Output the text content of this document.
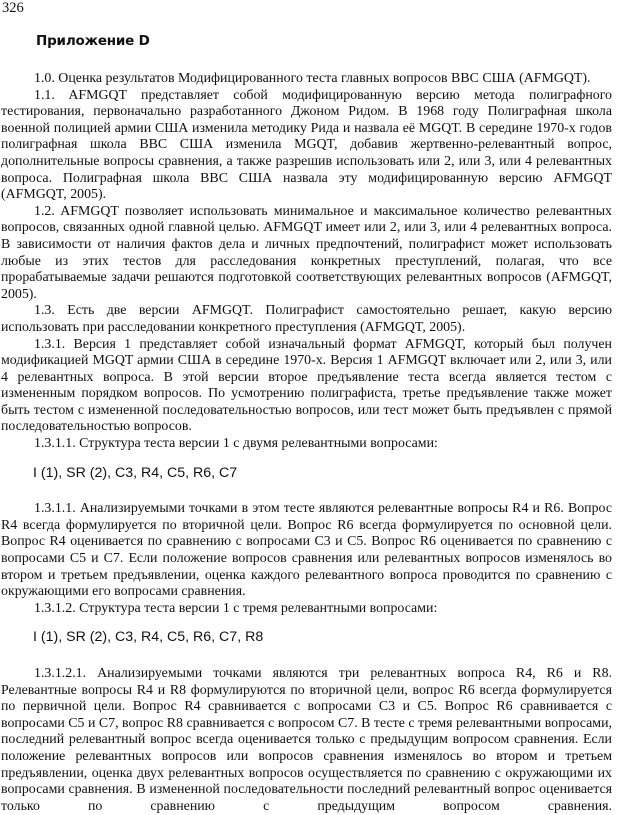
326
Приложение D

1.0. Оценка результатов Модифицированного теста главных вопросов ВВС США (AFMGQT).

1.1. AFMGQT представляет собой модифицированную версию метода полиграфного тестирования, первоначально разработанного Джоном Ридом. В 1968 году Полиграфная школа военной полицией армии США изменила методику Рида и назвала её MGQT. В середине 1970-х годов полиграфная школа ВВС США изменила MGQT, добавив жертвенно-релевантный вопрос, дополнительные вопросы сравнения, а также разрешив использовать или 2, или 3, или 4 релевантных вопроса. Полиграфная школа ВВС США назвала эту модифицированную версию AFMGQT (AFMGQT, 2005).

1.2. AFMGQT позволяет использовать минимальное и максимальное количество релевантных вопросов, связанных одной главной целью. AFMGQT имеет или 2, или 3, или 4 релевантных вопроса. В зависимости от наличия фактов дела и личных предпочтений, полиграфист может использовать любые из этих тестов для расследования конкретных преступлений, полагая, что все прорабатываемые задачи решаются подготовкой соответствующих релевантных вопросов (AFMGQT, 2005).

1.3. Есть две версии AFMGQT. Полиграфист самостоятельно решает, какую версию использовать при расследовании конкретного преступления (AFMGQT, 2005).

1.3.1. Версия 1 представляет собой изначальный формат AFMGQT, который был получен модификацией MGQT армии США в середине 1970-х. Версия 1 AFMGQT включает или 2, или 3, или 4 релевантных вопроса. В этой версии второе предъявление теста всегда является тестом с измененным порядком вопросов. По усмотрению полиграфиста, третье предъявление также может быть тестом с измененной последовательностью вопросов, или тест может быть предъявлен с прямой последовательностью вопросов.

1.3.1.1. Структура теста версии 1 с двумя релевантными вопросами:

I (1), SR (2), C3, R4, C5, R6, C7

1.3.1.1. Анализируемыми точками в этом тесте являются релевантные вопросы R4 и R6. Вопрос R4 всегда формулируется по вторичной цели. Вопрос R6 всегда формулируется по основной цели. Вопрос R4 оценивается по сравнению с вопросами C3 и C5. Вопрос R6 оценивается по сравнению с вопросами C5 и C7. Если положение вопросов сравнения или релевантных вопросов изменялось во втором и третьем предъявлении, оценка каждого релевантного вопроса проводится по сравнению с окружающими его вопросами сравнения.

1.3.1.2. Структура теста версии 1 с тремя релевантными вопросами:

I (1), SR (2), C3, R4, C5, R6, C7, R8

1.3.1.2.1. Анализируемыми точками являются три релевантных вопроса R4, R6 и R8. Релевантные вопросы R4 и R8 формулируются по вторичной цели, вопрос R6 всегда формулируется по первичной цели. Вопрос R4 сравнивается с вопросами C3 и C5. Вопрос R6 сравнивается с вопросами C5 и C7, вопрос R8 сравнивается с вопросом C7. В тесте с тремя релевантными вопросами, последний релевантный вопрос всегда оценивается только с предыдущим вопросом сравнения. Если положение релевантных вопросов или вопросов сравнения изменялось во втором и третьем предъявлении, оценка двух релевантных вопросов осуществляется по сравнению с окружающими их вопросами сравнения. В измененной последовательности последний релевантный вопрос оценивается только по сравнению с предыдущим вопросом сравнения.
